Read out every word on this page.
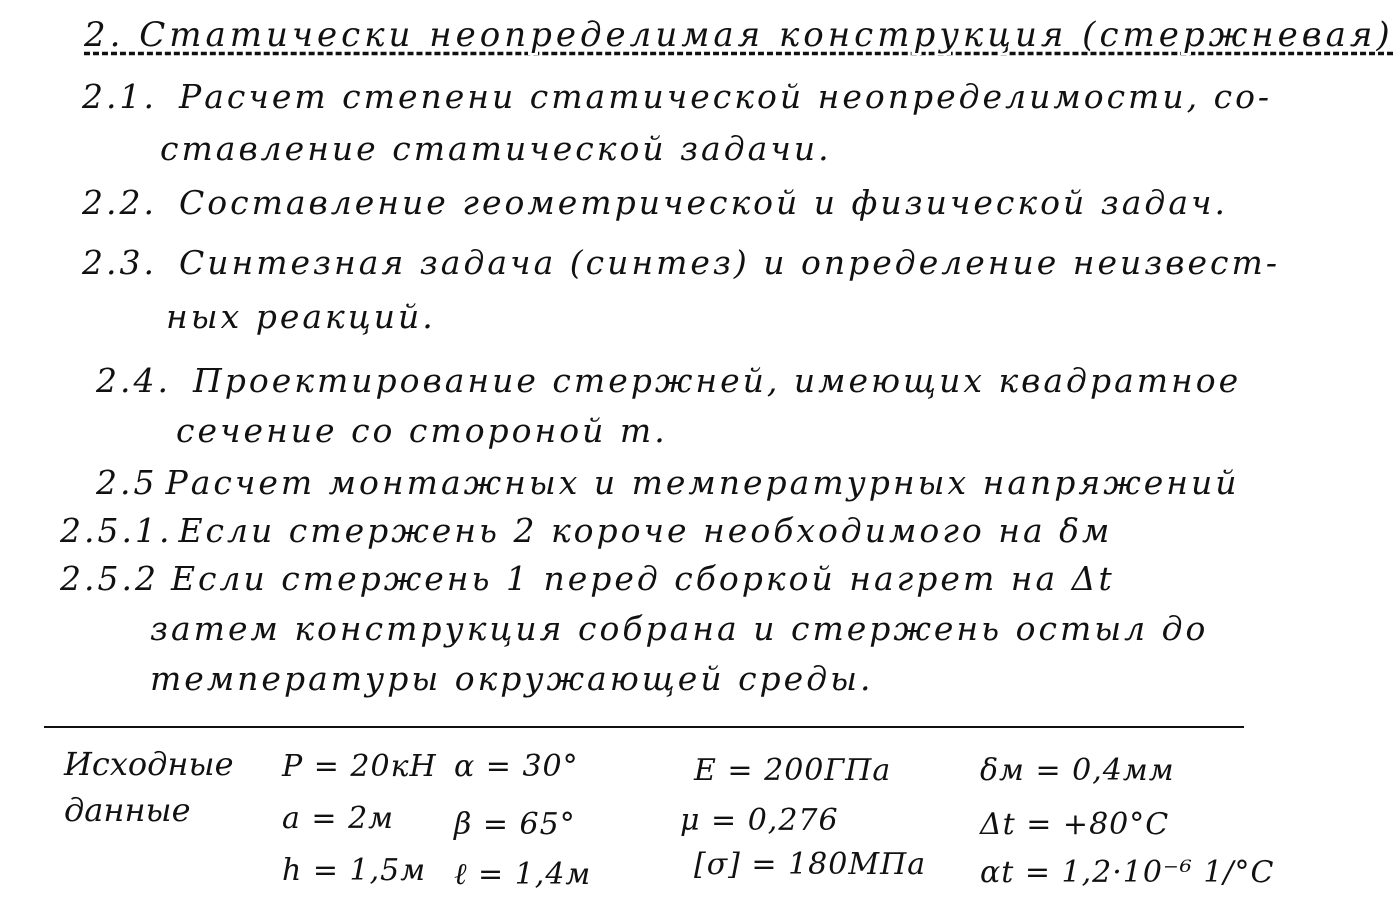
2. Статически неопределимая конструкция (стержневая)
2.1. Расчет степени статической неопределимости, со-
ставление статической задачи.
2.2. Составление геометрической и физической задач.
2.3. Синтезная задача (синтез) и определение неизвест-
ных реакций.
2.4. Проектирование стержней, имеющих квадратное
сечение со стороной m.
2.5 Расчет монтажных и температурных напряжений
2.5.1. Если стержень 2 короче необходимого на δм
2.5.2 Если стержень 1 перед сборкой нагрет на Δt
затем конструкция собрана и стержень остыл до
температуры окружающей среды.
Исходные
данные
P = 20кН
a = 2м
h = 1,5м
α = 30°
β = 65°
ℓ = 1,4м
E = 200ГПа
μ = 0,276
[σ] = 180МПа
δм = 0,4мм
Δt = +80°С
αt = 1,2·10⁻⁶ 1/°С
